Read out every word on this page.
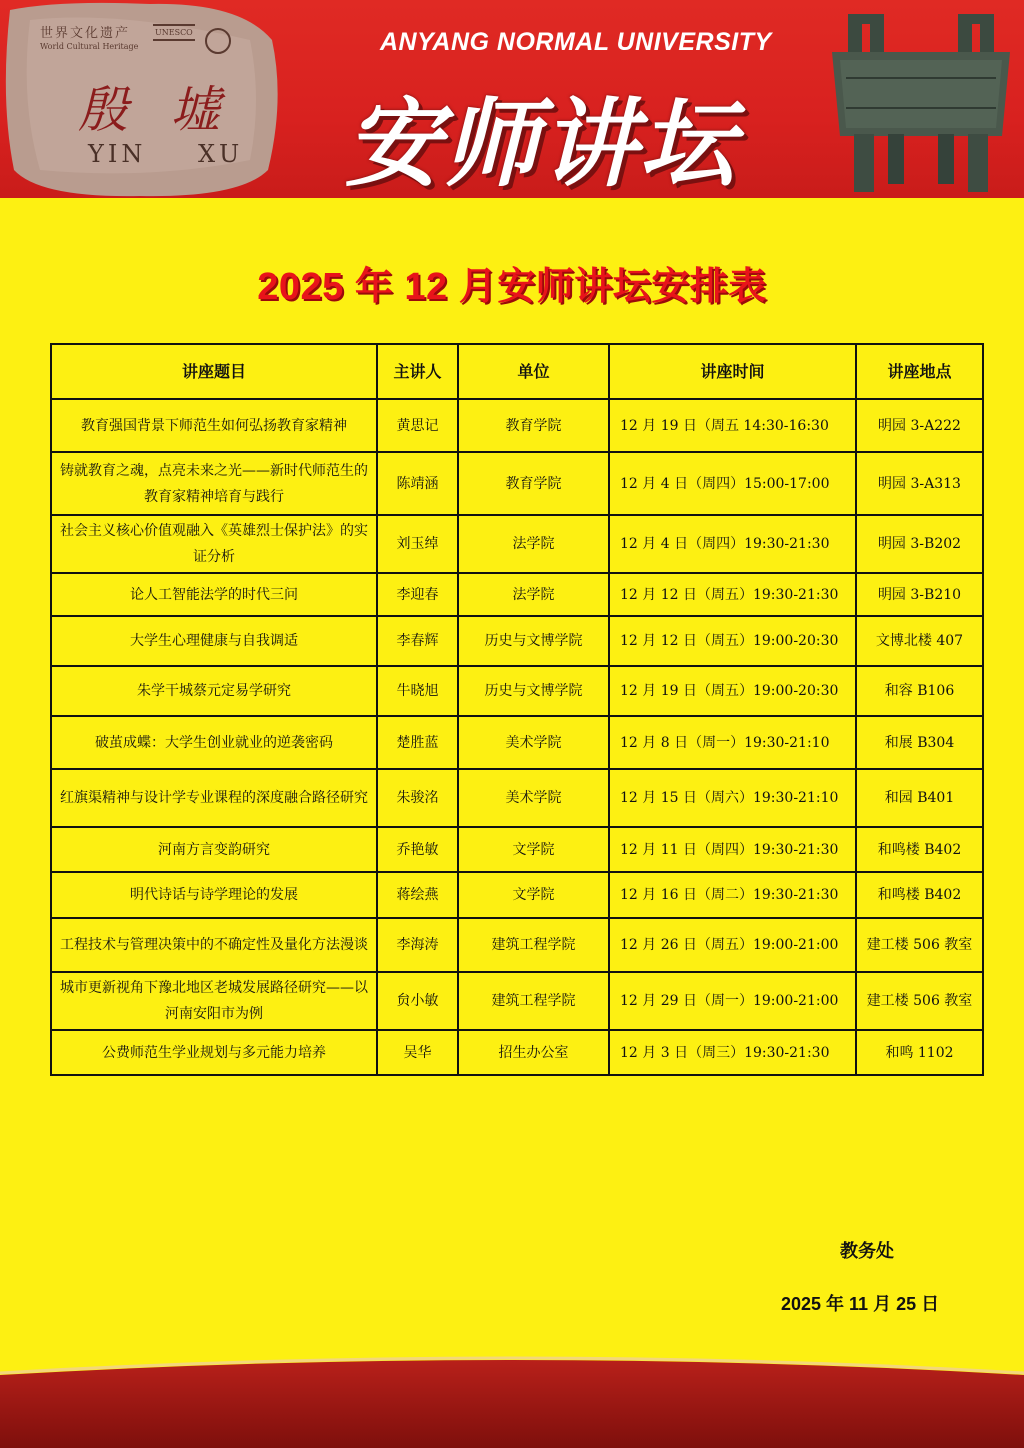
世界文化遗产
World Cultural Heritage
UNESCO
殷墟
YIN XU
ANYANG NORMAL UNIVERSITY
安师讲坛
2025 年 12 月安师讲坛安排表
讲座题目	主讲人	单位	讲座时间	讲座地点
教育强国背景下师范生如何弘扬教育家精神	黄思记	教育学院	12 月 19 日（周五 14:30-16:30	明园 3-A222
铸就教育之魂，点亮未来之光——新时代师范生的教育家精神培育与践行	陈靖涵	教育学院	12 月 4 日（周四）15:00-17:00	明园 3-A313
社会主义核心价值观融入《英雄烈士保护法》的实证分析	刘玉绰	法学院	12 月 4 日（周四）19:30-21:30	明园 3-B202
论人工智能法学的时代三问	李迎春	法学院	12 月 12 日（周五）19:30-21:30	明园 3-B210
大学生心理健康与自我调适	李春辉	历史与文博学院	12 月 12 日（周五）19:00-20:30	文博北楼 407
朱学干城蔡元定易学研究	牛晓旭	历史与文博学院	12 月 19 日（周五）19:00-20:30	和容 B106
破茧成蝶：大学生创业就业的逆袭密码	楚胜蓝	美术学院	12 月 8 日（周一）19:30-21:10	和展 B304
红旗渠精神与设计学专业课程的深度融合路径研究	朱骏洺	美术学院	12 月 15 日（周六）19:30-21:10	和园 B401
河南方言变韵研究	乔艳敏	文学院	12 月 11 日（周四）19:30-21:30	和鸣楼 B402
明代诗话与诗学理论的发展	蒋绘燕	文学院	12 月 16 日（周二）19:30-21:30	和鸣楼 B402
工程技术与管理决策中的不确定性及量化方法漫谈	李海涛	建筑工程学院	12 月 26 日（周五）19:00-21:00	建工楼 506 教室
城市更新视角下豫北地区老城发展路径研究——以河南安阳市为例	贠小敏	建筑工程学院	12 月 29 日（周一）19:00-21:00	建工楼 506 教室
公费师范生学业规划与多元能力培养	吴华	招生办公室	12 月 3 日（周三）19:30-21:30	和鸣 1102
教务处
2025 年 11 月 25 日
